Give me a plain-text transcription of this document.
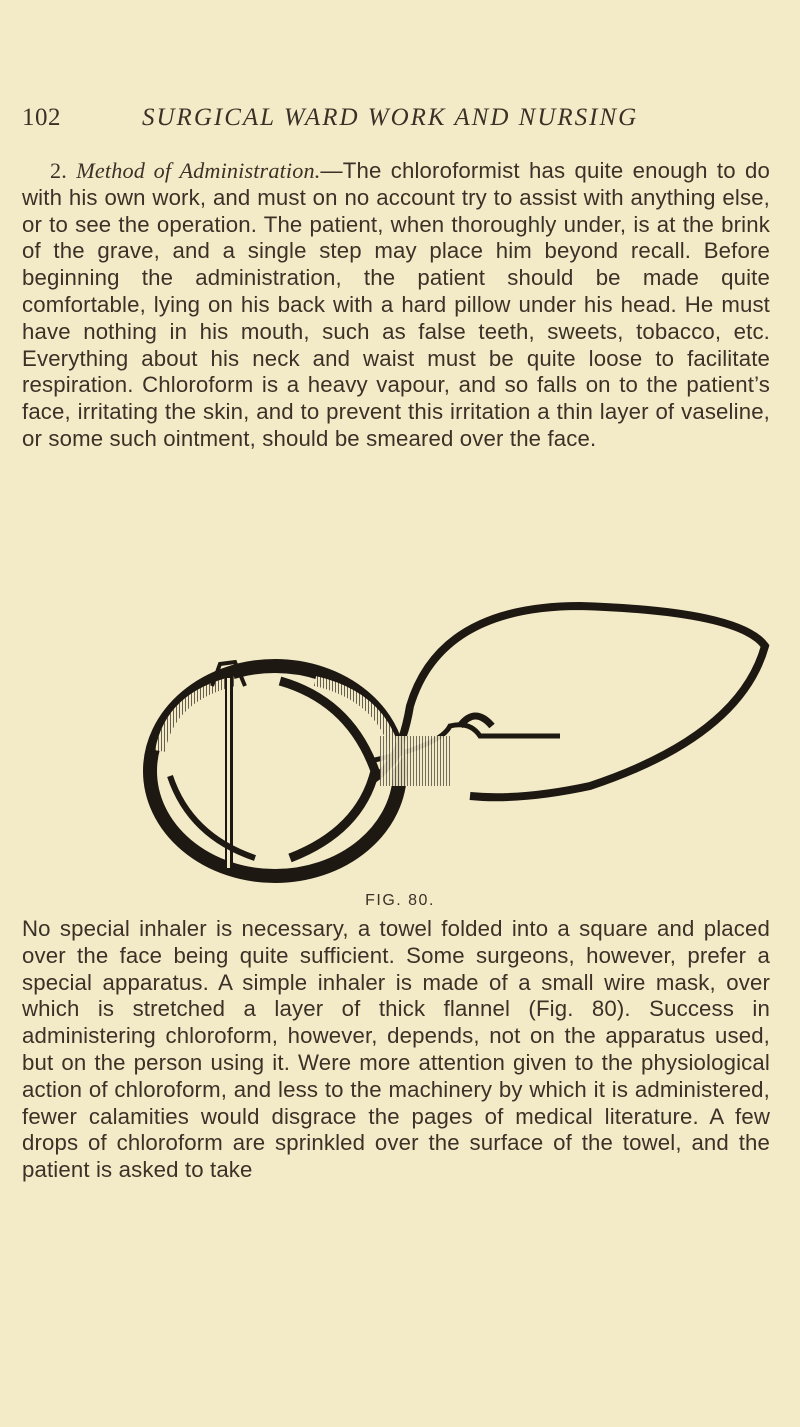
102	SURGICAL WARD WORK AND NURSING
2. Method of Administration.—The chloroformist has quite enough to do with his own work, and must on no account try to assist with anything else, or to see the operation. The patient, when thoroughly under, is at the brink of the grave, and a single step may place him beyond recall. Before beginning the administration, the patient should be made quite comfortable, lying on his back with a hard pillow under his head. He must have nothing in his mouth, such as false teeth, sweets, tobacco, etc. Everything about his neck and waist must be quite loose to facilitate respiration. Chloroform is a heavy vapour, and so falls on to the patient’s face, irritating the skin, and to prevent this irritation a thin layer of vaseline, or some such ointment, should be smeared over the face.
FIG. 80.
No special inhaler is necessary, a towel folded into a square and placed over the face being quite sufficient. Some surgeons, however, prefer a special apparatus. A simple inhaler is made of a small wire mask, over which is stretched a layer of thick flannel (Fig. 80). Success in administering chloroform, however, depends, not on the apparatus used, but on the person using it. Were more attention given to the physiological action of chloroform, and less to the machinery by which it is administered, fewer calamities would disgrace the pages of medical literature. A few drops of chloroform are sprinkled over the surface of the towel, and the patient is asked to take
